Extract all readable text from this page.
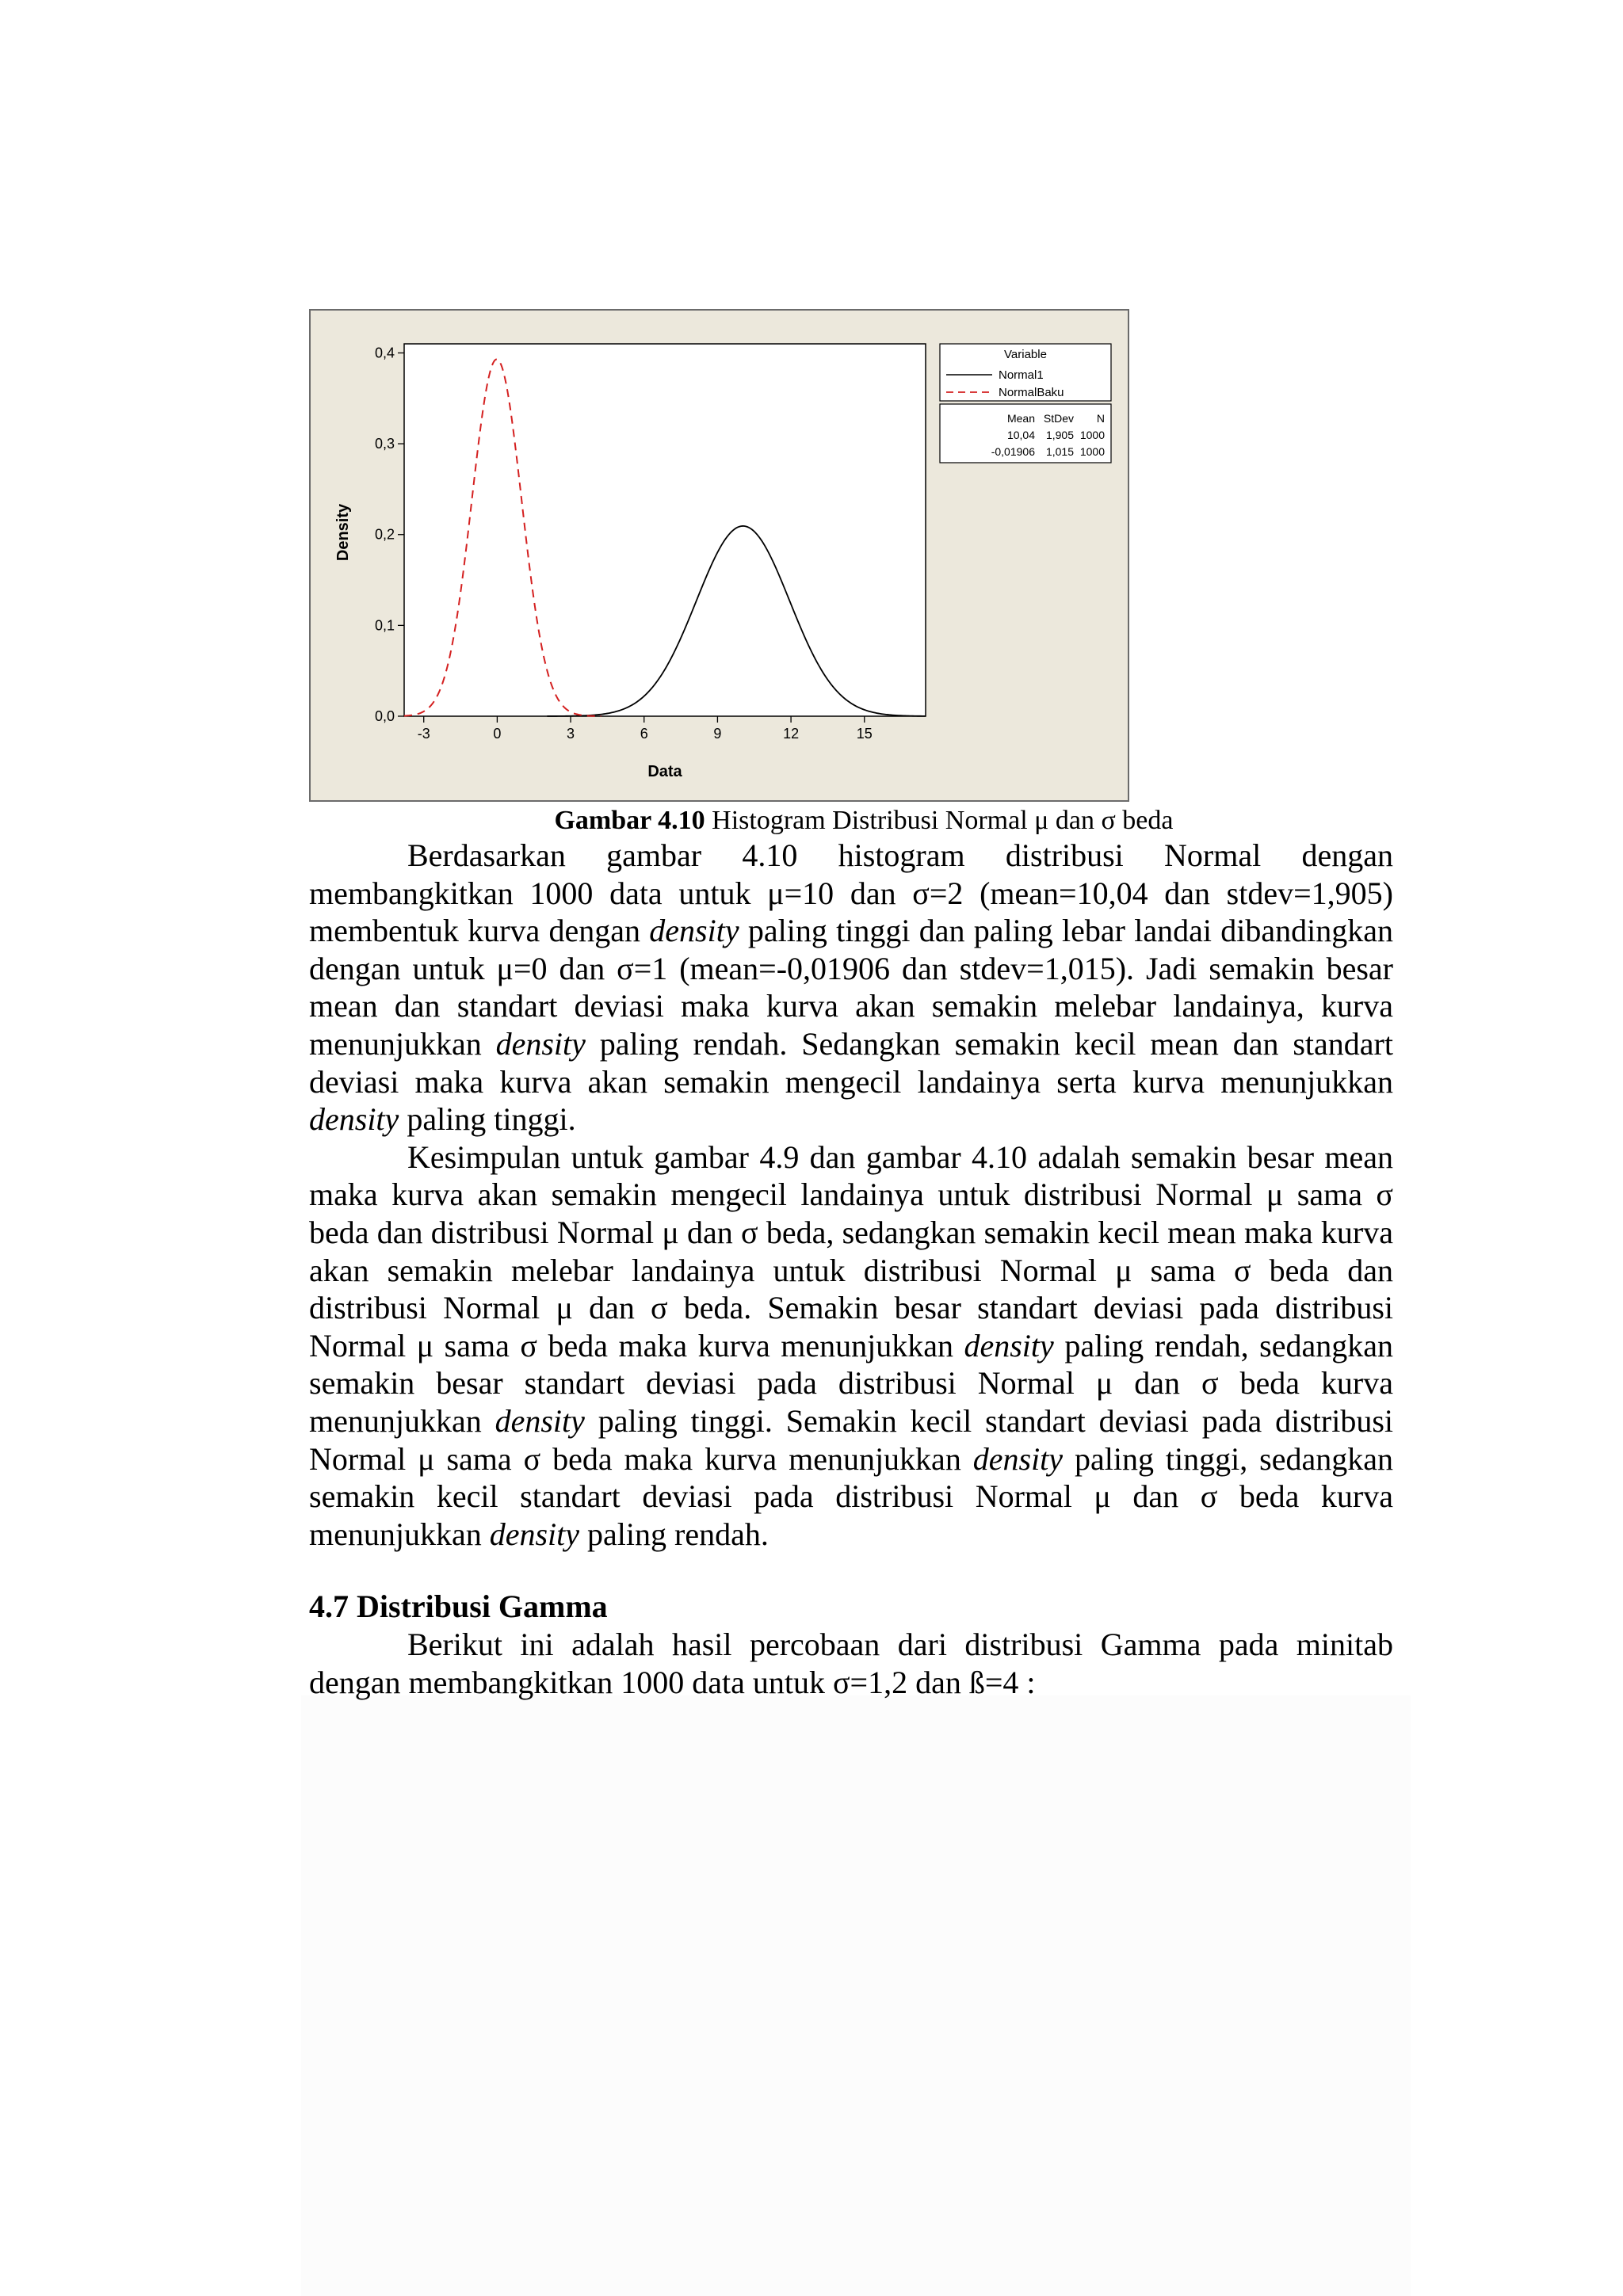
0,0
0,1
0,2
0,3
0,4
-3	0	3	6	9	12	15
Data
Density
Variable
Normal1
NormalBaku
Mean StDev N
10,04 1,905 1000
-0,01906 1,015 1000
Gambar 4.10 Histogram Distribusi Normal μ dan σ beda

Berdasarkan gambar 4.10 histogram distribusi Normal dengan membangkitkan 1000 data untuk μ=10 dan σ=2 (mean=10,04 dan stdev=1,905) membentuk kurva dengan density paling tinggi dan paling lebar landai dibandingkan dengan untuk μ=0 dan σ=1 (mean=-0,01906 dan stdev=1,015). Jadi semakin besar mean dan standart deviasi maka kurva akan semakin melebar landainya, kurva menunjukkan density paling rendah. Sedangkan semakin kecil mean dan standart deviasi maka kurva akan semakin mengecil landainya serta kurva menunjukkan density paling tinggi.

Kesimpulan untuk gambar 4.9 dan gambar 4.10 adalah semakin besar mean maka kurva akan semakin mengecil landainya untuk distribusi Normal μ sama σ beda dan distribusi Normal μ dan σ beda, sedangkan semakin kecil mean maka kurva akan semakin melebar landainya untuk distribusi Normal μ sama σ beda dan distribusi Normal μ dan σ beda. Semakin besar standart deviasi pada distribusi Normal μ sama σ beda maka kurva menunjukkan density paling rendah, sedangkan semakin besar standart deviasi pada distribusi Normal μ dan σ beda kurva menunjukkan density paling tinggi. Semakin kecil standart deviasi pada distribusi Normal μ sama σ beda maka kurva menunjukkan density paling tinggi, sedangkan semakin kecil standart deviasi pada distribusi Normal μ dan σ beda kurva menunjukkan density paling rendah.

4.7 Distribusi Gamma

Berikut ini adalah hasil percobaan dari distribusi Gamma pada minitab dengan membangkitkan 1000 data untuk σ=1,2 dan ß=4 :
